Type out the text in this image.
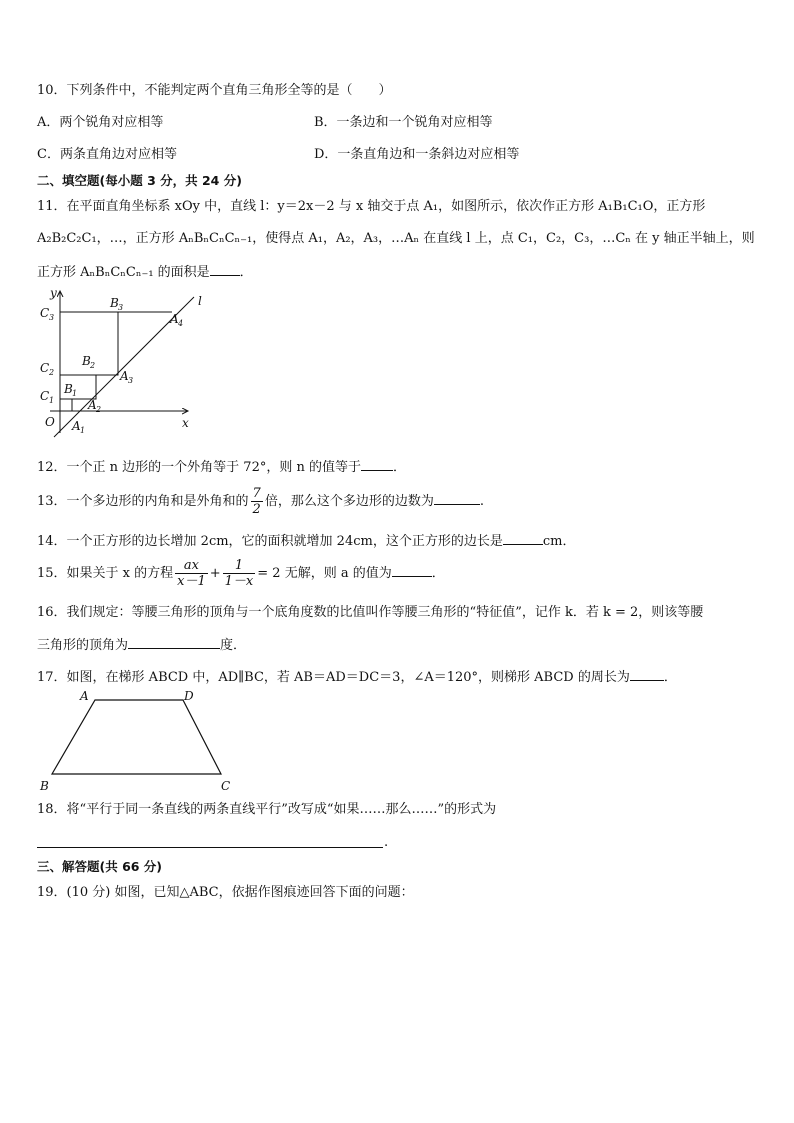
10．下列条件中，不能判定两个直角三角形全等的是（　　）
A．两个锐角对应相等	B．一条边和一个锐角对应相等
C．两条直角边对应相等	D．一条直角边和一条斜边对应相等
二、填空题(每小题 3 分，共 24 分)
11．在平面直角坐标系 xOy 中，直线 l：y＝2x－2 与 x 轴交于点 A₁，如图所示，依次作正方形 A₁B₁C₁O，正方形
A₂B₂C₂C₁，…，正方形 AₙBₙCₙCₙ₋₁，使得点 A₁，A₂，A₃，…Aₙ 在直线 l 上，点 C₁，C₂，C₃，…Cₙ 在 y 轴正半轴上，则
正方形 AₙBₙCₙCₙ₋₁ 的面积是 ．
y
x
O
l
C 3
C 2
C 1
B 3
B 2
B 1
A 4
A 3
A 2
A 1
12．一个正 n 边形的一个外角等于 72°，则 n 的值等于 ．
13．一个多边形的内角和是外角和的 $\frac{7}{2}$ 倍，那么这个多边形的边数为	.
14．一个正方形的边长增加 2cm，它的面积就增加 24cm，这个正方形的边长是	cm．
15．如果关于 x 的方程 $\frac{ax}{x-1} + \frac{1}{1-x} = 2$ 无解，则 a 的值为	．
16．我们规定：等腰三角形的顶角与一个底角度数的比值叫作等腰三角形的“特征值”，记作 k．若 k = 2，则该等腰
三角形的顶角为	度．
17．如图，在梯形 ABCD 中，AD∥BC，若 AB＝AD＝DC＝3，∠A＝120°，则梯形 ABCD 的周长为	．
A	D
B	C
18．将“平行于同一条直线的两条直线平行”改写成“如果……那么……”的形式为
.
三、解答题(共 66 分)
19．(10 分) 如图，已知△ABC，依据作图痕迹回答下面的问题：
